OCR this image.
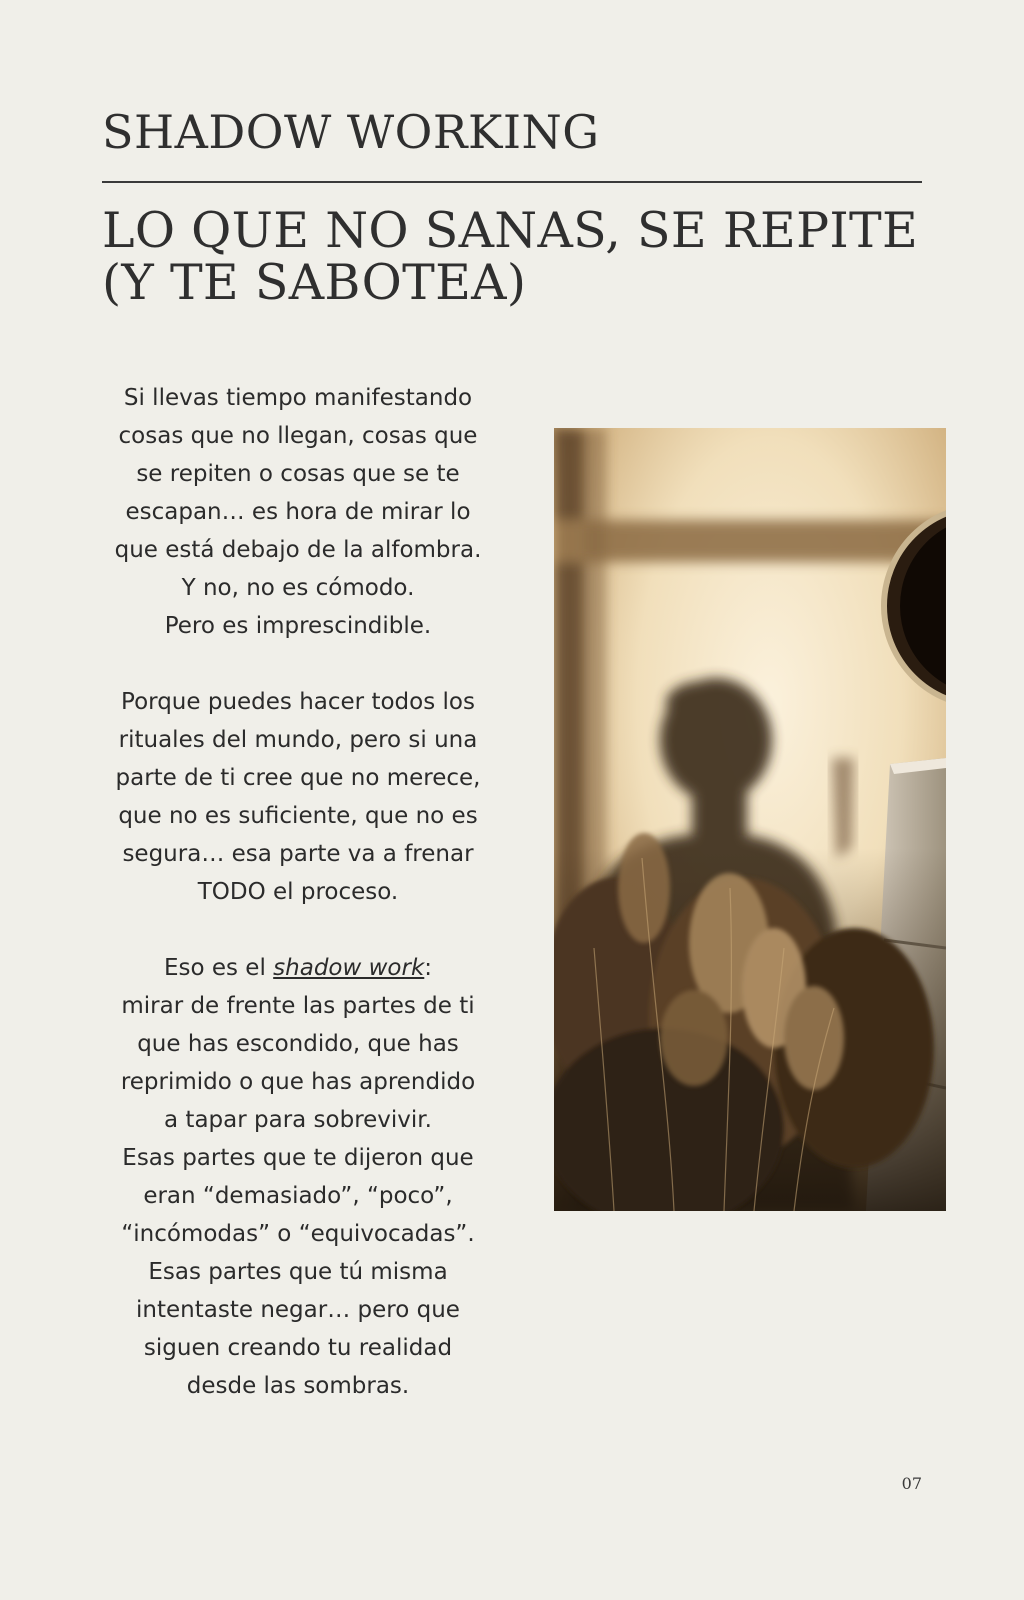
SHADOW WORKING
LO QUE NO SANAS, SE REPITE
(Y TE SABOTEA)

Si llevas tiempo manifestando
cosas que no llegan, cosas que
se repiten o cosas que se te
escapan… es hora de mirar lo
que está debajo de la alfombra.
Y no, no es cómodo.
Pero es imprescindible.

Porque puedes hacer todos los
rituales del mundo, pero si una
parte de ti cree que no merece,
que no es suficiente, que no es
segura… esa parte va a frenar
TODO el proceso.

Eso es el shadow work:
mirar de frente las partes de ti
que has escondido, que has
reprimido o que has aprendido
a tapar para sobrevivir.
Esas partes que te dijeron que
eran “demasiado”, “poco”,
“incómodas” o “equivocadas”.
Esas partes que tú misma
intentaste negar… pero que
siguen creando tu realidad
desde las sombras.

07
